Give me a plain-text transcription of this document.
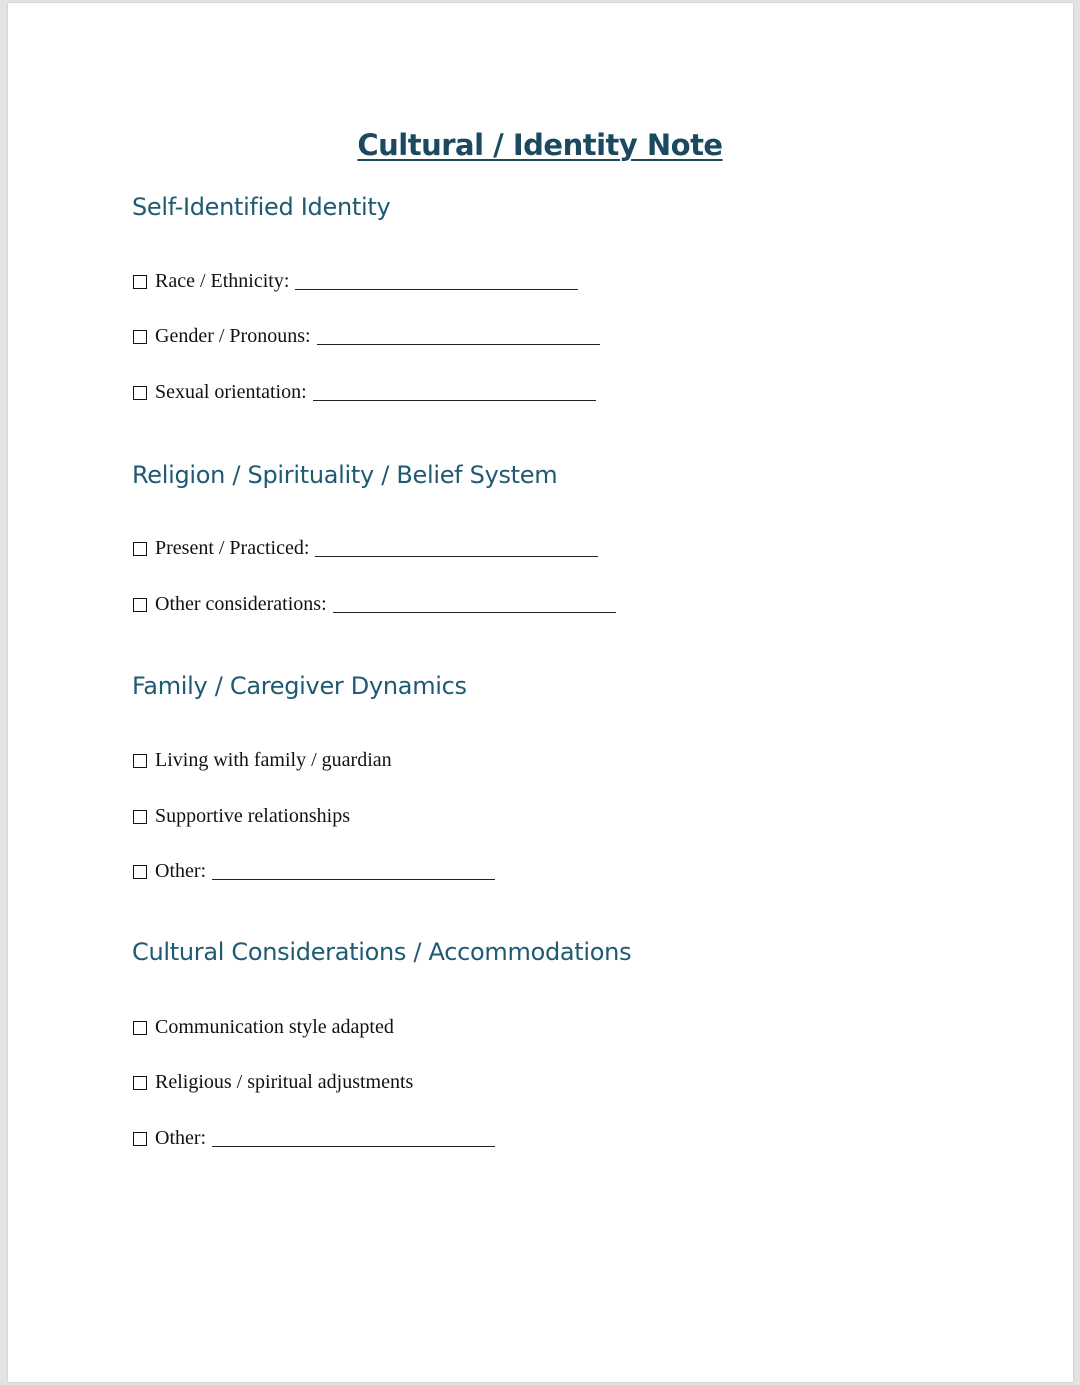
Cultural / Identity Note
Self-Identified Identity
Race / Ethnicity:
Gender / Pronouns:
Sexual orientation:
Religion / Spirituality / Belief System
Present / Practiced:
Other considerations:
Family / Caregiver Dynamics
Living with family / guardian
Supportive relationships
Other:
Cultural Considerations / Accommodations
Communication style adapted
Religious / spiritual adjustments
Other:
